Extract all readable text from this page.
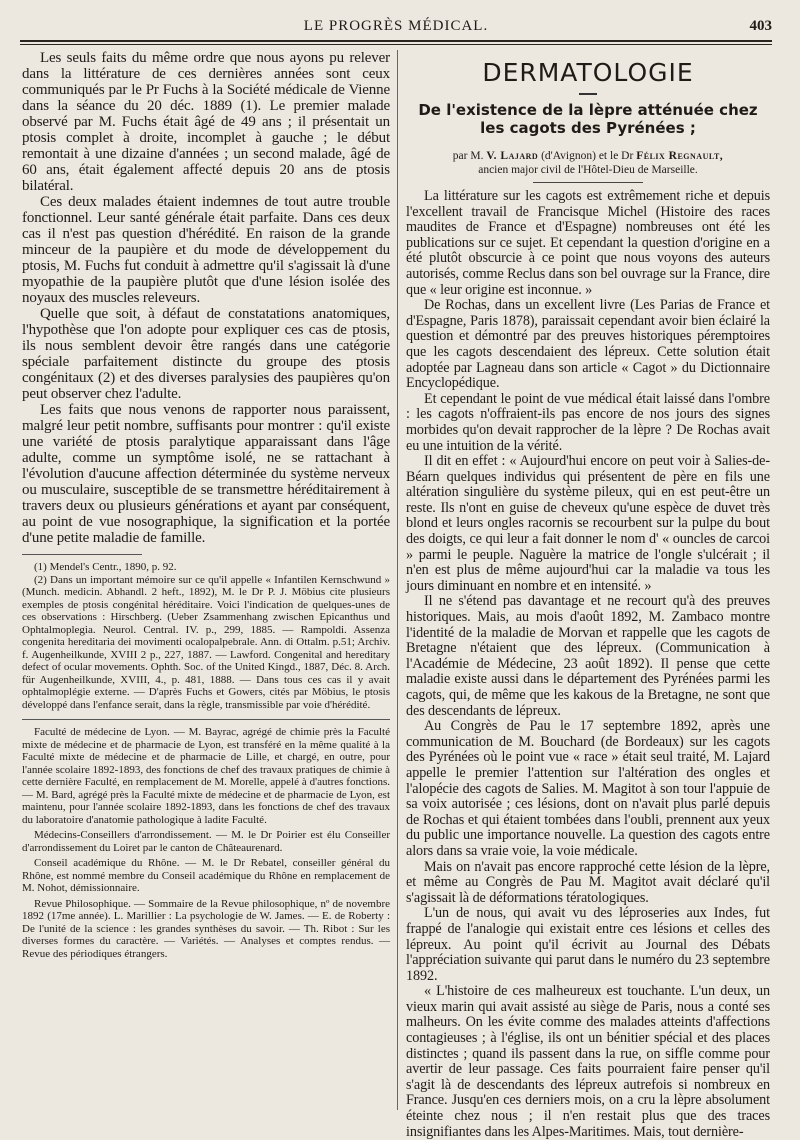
LE PROGRÈS MÉDICAL.	403

Les seuls faits du même ordre que nous ayons pu relever dans la littérature de ces dernières années sont ceux communiqués par le Pr Fuchs à la Société médicale de Vienne dans la séance du 20 déc. 1889 (1). Le premier malade observé par M. Fuchs était âgé de 49 ans ; il présentait un ptosis complet à droite, incomplet à gauche ; le début remontait à une dizaine d'années ; un second malade, âgé de 60 ans, était également affecté depuis 20 ans de ptosis bilatéral.

Ces deux malades étaient indemnes de tout autre trouble fonctionnel. Leur santé générale était parfaite. Dans ces deux cas il n'est pas question d'hérédité. En raison de la grande minceur de la paupière et du mode de développement du ptosis, M. Fuchs fut conduit à admettre qu'il s'agissait là d'une myopathie de la paupière plutôt que d'une lésion isolée des noyaux des muscles releveurs.

Quelle que soit, à défaut de constatations anatomiques, l'hypothèse que l'on adopte pour expliquer ces cas de ptosis, ils nous semblent devoir être rangés dans une catégorie spéciale parfaitement distincte du groupe des ptosis congénitaux (2) et des diverses paralysies des paupières qu'on peut observer chez l'adulte.

Les faits que nous venons de rapporter nous paraissent, malgré leur petit nombre, suffisants pour montrer : qu'il existe une variété de ptosis paralytique apparaissant dans l'âge adulte, comme un symptôme isolé, ne se rattachant à l'évolution d'aucune affection déterminée du système nerveux ou musculaire, susceptible de se transmettre héréditairement à travers deux ou plusieurs générations et ayant par conséquent, au point de vue nosographique, la signification et la portée d'une petite maladie de famille.

(1) Mendel's Centr., 1890, p. 92.

(2) Dans un important mémoire sur ce qu'il appelle « Infantilen Kernschwund » (Munch. medicin. Abhandl. 2 heft., 1892), M. le Dr P. J. Möbius cite plusieurs exemples de ptosis congénital héréditaire. Voici l'indication de quelques-unes de ces observations : Hirschberg. (Ueber Zsammenhang zwischen Epicanthus und Ophtalmoplegia. Neurol. Central. IV. p., 299, 1885. — Rampoldi. Assenza congenita hereditaria dei movimenti ocalopalpebrale. Ann. di Ottalm. p.51; Archiv. f. Augenheilkunde, XVIII 2 p., 227, 1887. — Lawford. Congenital and hereditary defect of ocular movements. Ophth. Soc. of the United Kingd., 1887, Déc. 8. Arch. für Augenheilkunde, XVIII, 4., p. 481, 1888. — Dans tous ces cas il y avait ophtalmoplégie externe. — D'après Fuchs et Gowers, cités par Möbius, le ptosis développé dans l'enfance serait, dans la règle, transmissible par voie d'hérédité.

Faculté de médecine de Lyon. — M. Bayrac, agrégé de chimie près la Faculté mixte de médecine et de pharmacie de Lyon, est transféré en la même qualité à la Faculté mixte de médecine et de pharmacie de Lille, et chargé, en outre, pour l'année scolaire 1892-1893, des fonctions de chef des travaux pratiques de chimie à cette dernière Faculté, en remplacement de M. Morelle, appelé à d'autres fonctions. — M. Bard, agrégé près la Faculté mixte de médecine et de pharmacie de Lyon, est maintenu, pour l'année scolaire 1892-1893, dans les fonctions de chef des travaux du laboratoire d'anatomie pathologique à ladite Faculté.

Médecins-Conseillers d'arrondissement. — M. le Dr Poirier est élu Conseiller d'arrondissement du Loiret par le canton de Châteaurenard.

Conseil académique du Rhône. — M. le Dr Rebatel, conseiller général du Rhône, est nommé membre du Conseil académique du Rhône en remplacement de M. Nohot, démissionnaire.

Revue Philosophique. — Sommaire de la Revue philosophique, nº de novembre 1892 (17me année). L. Marillier : La psychologie de W. James. — E. de Roberty : De l'unité de la science : les grandes synthèses du savoir. — Th. Ribot : Sur les diverses formes du caractère. — Variétés. — Analyses et comptes rendus. — Revue des périodiques étrangers.

DERMATOLOGIE
De l'existence de la lèpre atténuée chez les cagots des Pyrénées ;
par M. V. Lajard (d'Avignon) et le Dr Félix Regnault,
ancien major civil de l'Hôtel-Dieu de Marseille.

La littérature sur les cagots est extrêmement riche et depuis l'excellent travail de Francisque Michel (Histoire des races maudites de France et d'Espagne) nombreuses ont été les publications sur ce sujet. Et cependant la question d'origine en a été plutôt obscurcie à ce point que nous voyons des auteurs autorisés, comme Reclus dans son bel ouvrage sur la France, dire que « leur origine est inconnue. »

De Rochas, dans un excellent livre (Les Parias de France et d'Espagne, Paris 1878), paraissait cependant avoir bien éclairé la question et démontré par des preuves historiques péremptoires que les cagots descendaient des lépreux. Cette solution était adoptée par Lagneau dans son article « Cagot » du Dictionnaire Encyclopédique.

Et cependant le point de vue médical était laissé dans l'ombre : les cagots n'offraient-ils pas encore de nos jours des signes morbides qu'on devait rapprocher de la lèpre ? De Rochas avait eu une intuition de la vérité.

Il dit en effet : « Aujourd'hui encore on peut voir à Salies-de-Béarn quelques individus qui présentent de père en fils une altération singulière du système pileux, qui en est peut-être un reste. Ils n'ont en guise de cheveux qu'une espèce de duvet très blond et leurs ongles racornis se recourbent sur la pulpe du bout des doigts, ce qui leur a fait donner le nom d' « ouncles de carcoi » parmi le peuple. Naguère la matrice de l'ongle s'ulcérait ; il n'en est plus de même aujourd'hui car la maladie va tous les jours diminuant en nombre et en intensité. »

Il ne s'étend pas davantage et ne recourt qu'à des preuves historiques. Mais, au mois d'août 1892, M. Zambaco montre l'identité de la maladie de Morvan et rappelle que les cagots de Bretagne n'étaient que des lépreux. (Communication à l'Académie de Médecine, 23 août 1892). Il pense que cette maladie existe aussi dans le département des Pyrénées parmi les cagots, qui, de même que les kakous de la Bretagne, ne sont que des descendants de lépreux.

Au Congrès de Pau le 17 septembre 1892, après une communication de M. Bouchard (de Bordeaux) sur les cagots des Pyrénées où le point vue « race » était seul traité, M. Lajard appelle le premier l'attention sur l'altération des ongles et l'alopécie des cagots de Salies. M. Magitot à son tour l'appuie de sa voix autorisée ; ces lésions, dont on n'avait plus parlé depuis de Rochas et qui étaient tombées dans l'oubli, prennent aux yeux du public une importance nouvelle. La question des cagots entre alors dans sa vraie voie, la voie médicale.

Mais on n'avait pas encore rapproché cette lésion de la lèpre, et même au Congrès de Pau M. Magitot avait déclaré qu'il s'agissait là de déformations tératologiques.

L'un de nous, qui avait vu des léproseries aux Indes, fut frappé de l'analogie qui existait entre ces lésions et celles des lépreux. Au point qu'il écrivit au Journal des Débats l'appréciation suivante qui parut dans le numéro du 23 septembre 1892.

« L'histoire de ces malheureux est touchante. L'un deux, un vieux marin qui avait assisté au siège de Paris, nous a conté ses malheurs. On les évite comme des malades atteints d'affections contagieuses ; à l'église, ils ont un bénitier spécial et des places distinctes ; quand ils passent dans la rue, on siffle comme pour avertir de leur passage. Ces faits pourraient faire penser qu'il s'agit là de descendants des lépreux autrefois si nombreux en France. Jusqu'en ces derniers mois, on a cru la lèpre absolument éteinte chez nous ; il n'en restait plus que des traces insignifiantes dans les Alpes-Maritimes. Mais, tout dernière-
